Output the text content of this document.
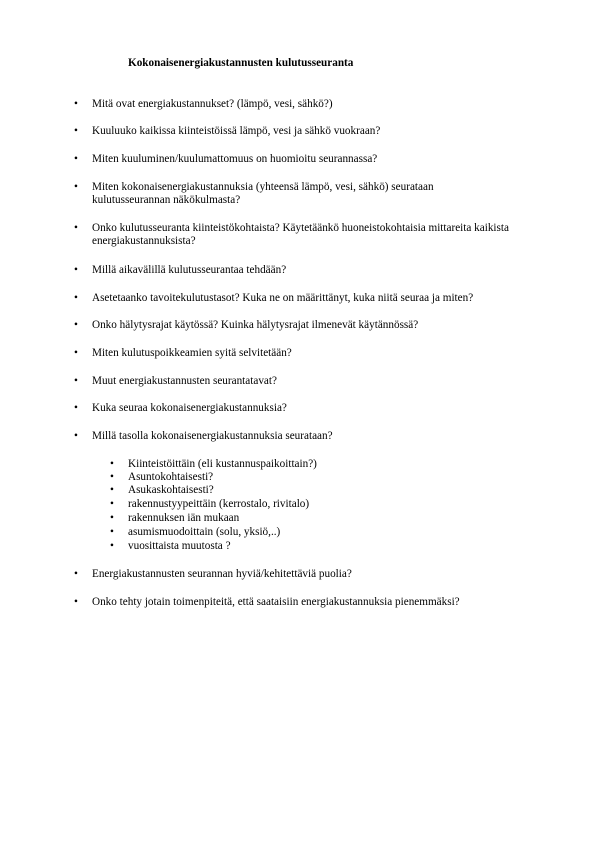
Kokonaisenergiakustannusten kulutusseuranta
• Mitä ovat energiakustannukset? (lämpö, vesi, sähkö?)
• Kuuluuko kaikissa kiinteistöissä lämpö, vesi ja sähkö vuokraan?
• Miten kuuluminen/kuulumattomuus on huomioitu seurannassa?
• Miten kokonaisenergiakustannuksia (yhteensä lämpö, vesi, sähkö) seurataan kulutusseurannan näkökulmasta?
• Onko kulutusseuranta kiinteistökohtaista? Käytetäänkö huoneistokohtaisia mittareita kaikista energiakustannuksista?
• Millä aikavälillä kulutusseurantaa tehdään?
• Asetetaanko tavoitekulutustasot? Kuka ne on määrittänyt, kuka niitä seuraa ja miten?
• Onko hälytysrajat käytössä? Kuinka hälytysrajat ilmenevät käytännössä?
• Miten kulutuspoikkeamien syitä selvitetään?
• Muut energiakustannusten seurantatavat?
• Kuka seuraa kokonaisenergiakustannuksia?
• Millä tasolla kokonaisenergiakustannuksia seurataan?
• Energiakustannusten seurannan hyviä/kehitettäviä puolia?
• Onko tehty jotain toimenpiteitä, että saataisiin energiakustannuksia pienemmäksi?
• Kiinteistöittäin (eli kustannuspaikoittain?)
• Asuntokohtaisesti?
• Asukaskohtaisesti?
• rakennustyypeittäin (kerrostalo, rivitalo)
• rakennuksen iän mukaan
• asumismuodoittain (solu, yksiö,..)
• vuosittaista muutosta ?
